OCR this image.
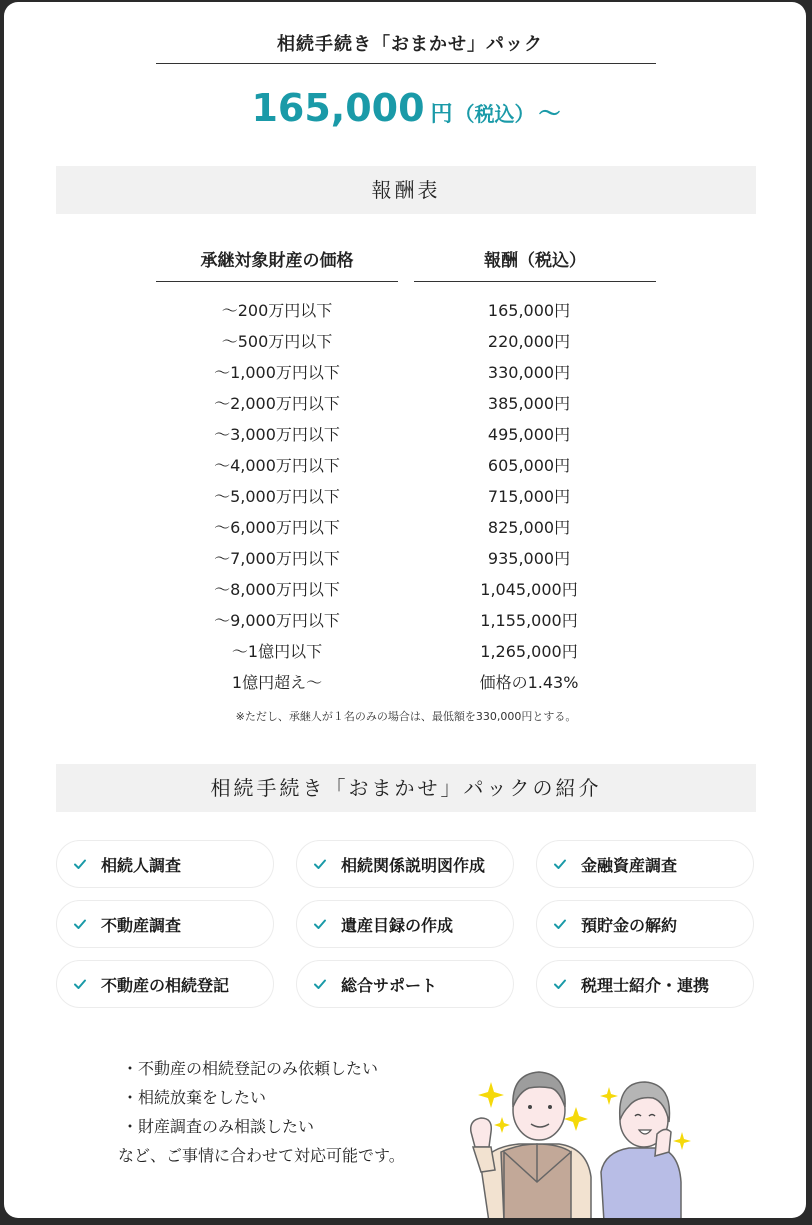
相続手続き「おまかせ」パック
165,000 円 （税込） ～
報酬表
承継対象財産の価格	報酬（税込）
～200万円以下	165,000円
～500万円以下	220,000円
～1,000万円以下	330,000円
～2,000万円以下	385,000円
～3,000万円以下	495,000円
～4,000万円以下	605,000円
～5,000万円以下	715,000円
～6,000万円以下	825,000円
～7,000万円以下	935,000円
～8,000万円以下	1,045,000円
～9,000万円以下	1,155,000円
～1億円以下	1,265,000円
1億円超え～	価格の1.43%
※ただし、承継人が１名のみの場合は、最低額を330,000円とする。
相続手続き「おまかせ」パックの紹介
相続人調査	相続関係説明図作成	金融資産調査
不動産調査	遺産目録の作成	預貯金の解約
不動産の相続登記	総合サポート	税理士紹介・連携
・不動産の相続登記のみ依頼したい
・相続放棄をしたい
・財産調査のみ相談したい
など、ご事情に合わせて対応可能です。
